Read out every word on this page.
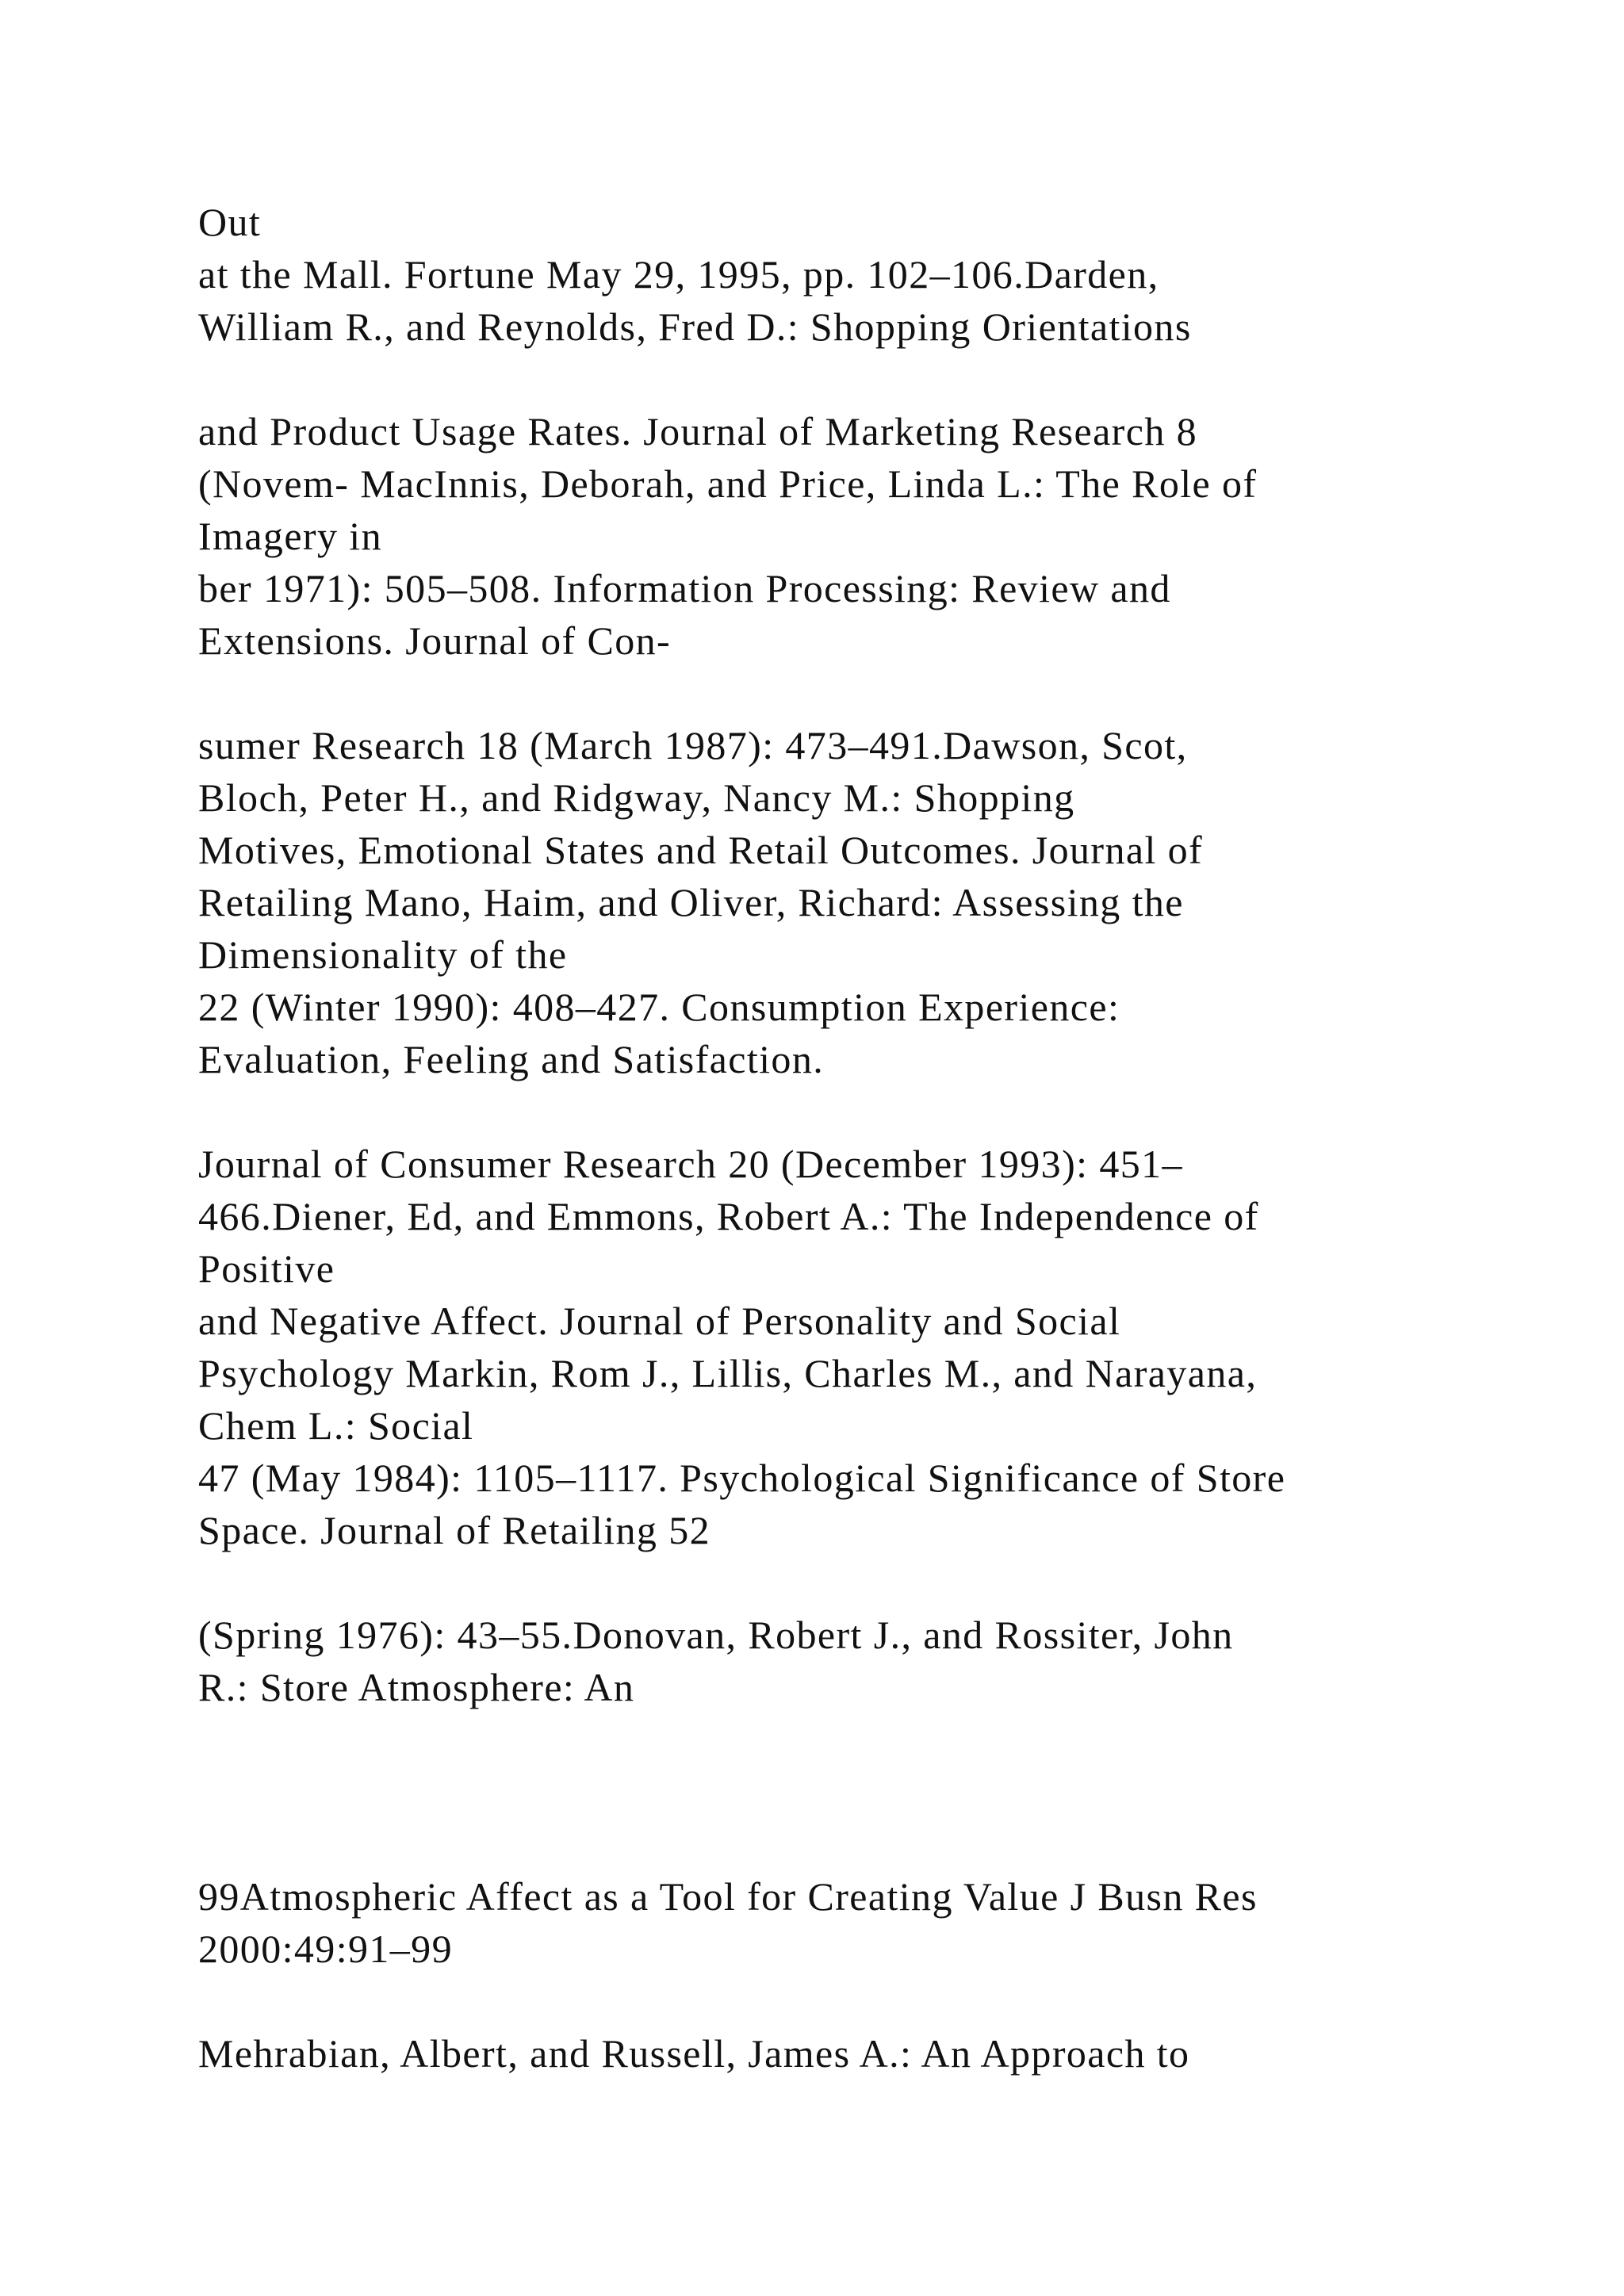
Out

at the Mall. Fortune May 29, 1995, pp. 102–106.Darden,

William R., and Reynolds, Fred D.: Shopping Orientations

and Product Usage Rates. Journal of Marketing Research 8

(Novem- MacInnis, Deborah, and Price, Linda L.: The Role of

Imagery in

ber 1971): 505–508. Information Processing: Review and

Extensions. Journal of Con-

sumer Research 18 (March 1987): 473–491.Dawson, Scot,

Bloch, Peter H., and Ridgway, Nancy M.: Shopping

Motives, Emotional States and Retail Outcomes. Journal of

Retailing Mano, Haim, and Oliver, Richard: Assessing the

Dimensionality of the

22 (Winter 1990): 408–427. Consumption Experience:

Evaluation, Feeling and Satisfaction.

Journal of Consumer Research 20 (December 1993): 451–

466.Diener, Ed, and Emmons, Robert A.: The Independence of

Positive

and Negative Affect. Journal of Personality and Social

Psychology Markin, Rom J., Lillis, Charles M., and Narayana,

Chem L.: Social

47 (May 1984): 1105–1117. Psychological Significance of Store

Space. Journal of Retailing 52

(Spring 1976): 43–55.Donovan, Robert J., and Rossiter, John

R.: Store Atmosphere: An

99Atmospheric Affect as a Tool for Creating Value J Busn Res

2000:49:91–99

Mehrabian, Albert, and Russell, James A.: An Approach to
